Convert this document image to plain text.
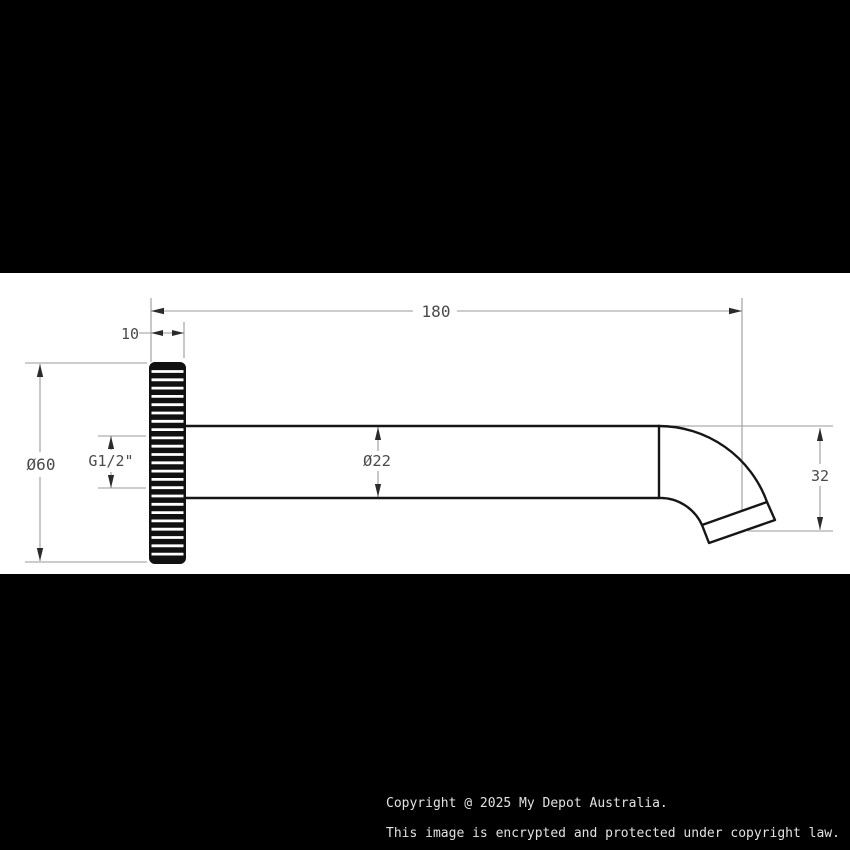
180
10
Ø60 G1/2"	Ø22
32
Copyright @ 2025 My Depot Australia.
This image is encrypted and protected under copyright law.
